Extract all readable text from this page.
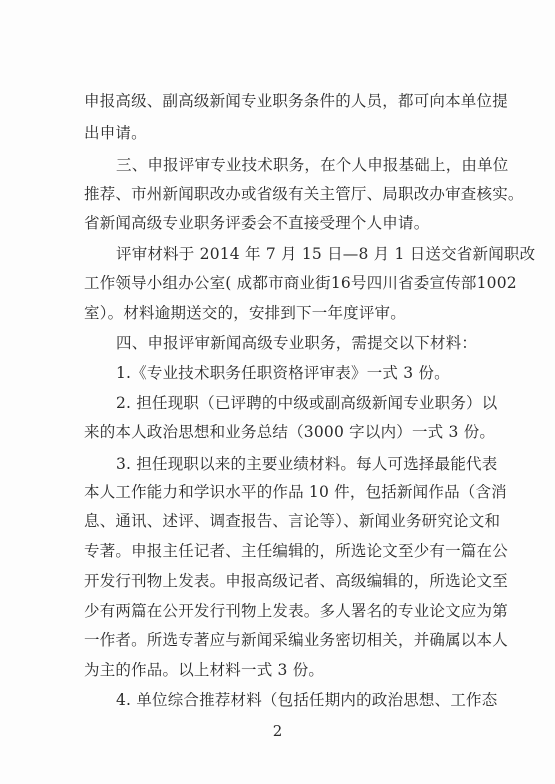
申报高级、副高级新闻专业职务条件的人员，都可向本单位提
出申请。
三、申报评审专业技术职务，在个人申报基础上，由单位
推荐、市州新闻职改办或省级有关主管厅、局职改办审查核实。
省新闻高级专业职务评委会不直接受理个人申请。
评审材料于 2014 年 7 月 15 日—8 月 1 日送交省新闻职改
工作领导小组办公室( 成都市商业街16号四川省委宣传部1002
室）。材料逾期送交的，安排到下一年度评审。
四、申报评审新闻高级专业职务，需提交以下材料：
1.《专业技术职务任职资格评审表》一式 3 份。
2. 担任现职（已评聘的中级或副高级新闻专业职务）以
来的本人政治思想和业务总结（3000 字以内）一式 3 份。
3. 担任现职以来的主要业绩材料。每人可选择最能代表
本人工作能力和学识水平的作品 10 件，包括新闻作品（含消
息、通讯、述评、调查报告、言论等）、新闻业务研究论文和
专著。申报主任记者、主任编辑的，所选论文至少有一篇在公
开发行刊物上发表。申报高级记者、高级编辑的，所选论文至
少有两篇在公开发行刊物上发表。多人署名的专业论文应为第
一作者。所选专著应与新闻采编业务密切相关，并确属以本人
为主的作品。以上材料一式 3 份。
4. 单位综合推荐材料（包括任期内的政治思想、工作态
2
